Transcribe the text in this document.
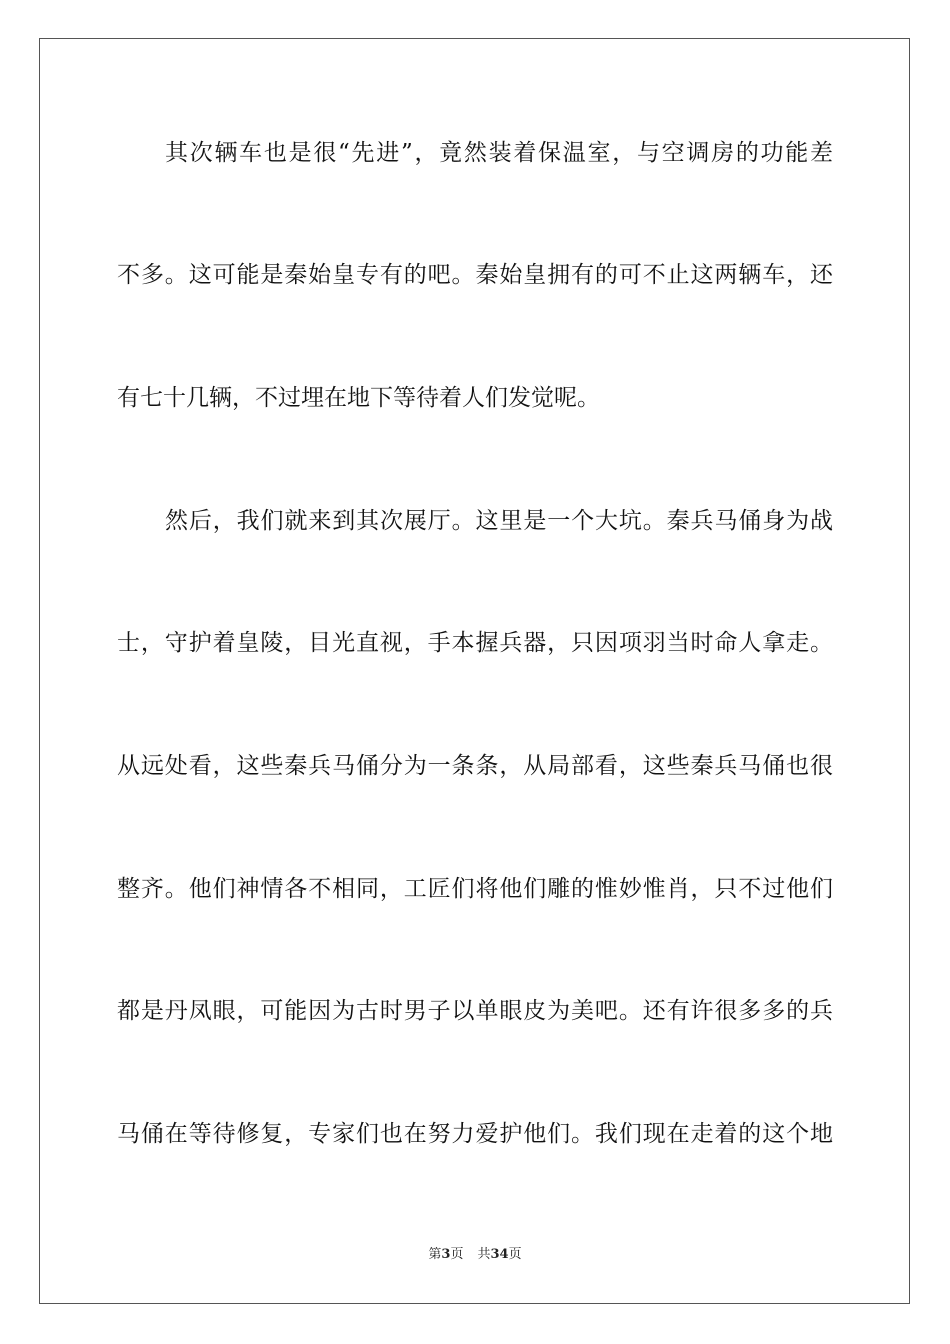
其次辆车也是很“先进”，竟然装着保温室，与空调房的功能差
不多。这可能是秦始皇专有的吧。秦始皇拥有的可不止这两辆车，还
有七十几辆，不过埋在地下等待着人们发觉呢。
然后，我们就来到其次展厅。这里是一个大坑。秦兵马俑身为战
士，守护着皇陵，目光直视，手本握兵器，只因项羽当时命人拿走。
从远处看，这些秦兵马俑分为一条条，从局部看，这些秦兵马俑也很
整齐。他们神情各不相同，工匠们将他们雕的惟妙惟肖，只不过他们
都是丹凤眼，可能因为古时男子以单眼皮为美吧。还有许很多多的兵
马俑在等待修复，专家们也在努力爱护他们。我们现在走着的这个地
第3页 共34页
